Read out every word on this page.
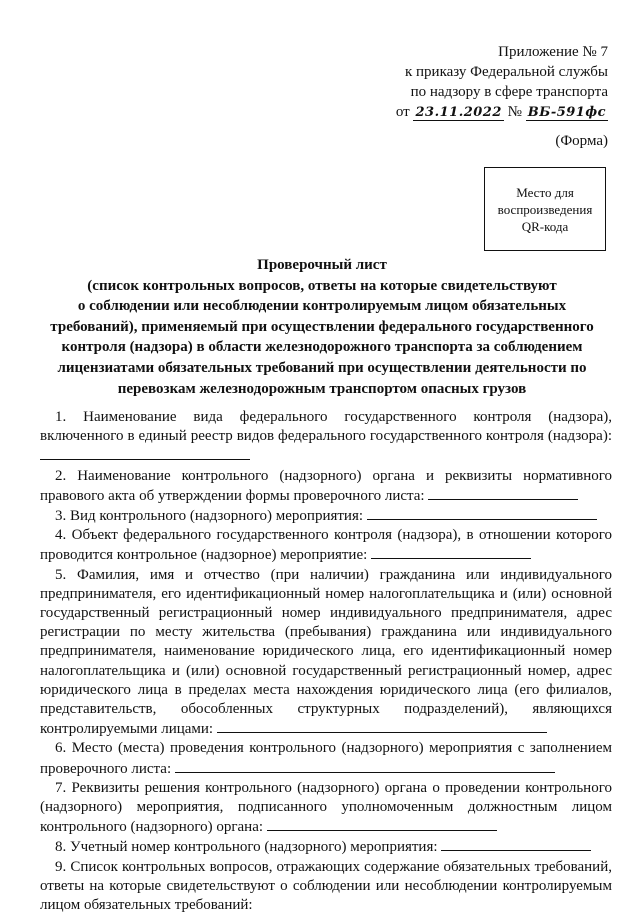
Приложение № 7
к приказу Федеральной службы
по надзору в сфере транспорта
от 23.11.2022 № ВБ-591фс
(Форма)
Место для
воспроизведения
QR-кода
Проверочный лист
(список контрольных вопросов, ответы на которые свидетельствуют
о соблюдении или несоблюдении контролируемым лицом обязательных
требований), применяемый при осуществлении федерального государственного
контроля (надзора) в области железнодорожного транспорта за соблюдением
лицензиатами обязательных требований при осуществлении деятельности по
перевозкам железнодорожным транспортом опасных грузов

1. Наименование вида федерального государственного контроля (надзора), включенного в единый реестр видов федерального государственного контроля (надзора):

2. Наименование контрольного (надзорного) органа и реквизиты нормативного правового акта об утверждении формы проверочного листа:

3. Вид контрольного (надзорного) мероприятия:

4. Объект федерального государственного контроля (надзора), в отношении которого проводится контрольное (надзорное) мероприятие:

5. Фамилия, имя и отчество (при наличии) гражданина или индивидуального предпринимателя, его идентификационный номер налогоплательщика и (или) основной государственный регистрационный номер индивидуального предпринимателя, адрес регистрации по месту жительства (пребывания) гражданина или индивидуального предпринимателя, наименование юридического лица, его идентификационный номер налогоплательщика и (или) основной государственный регистрационный номер, адрес юридического лица в пределах места нахождения юридического лица (его филиалов, представительств, обособленных структурных подразделений), являющихся контролируемыми лицами:

6. Место (места) проведения контрольного (надзорного) мероприятия с заполнением проверочного листа:

7. Реквизиты решения контрольного (надзорного) органа о проведении контрольного (надзорного) мероприятия, подписанного уполномоченным должностным лицом контрольного (надзорного) органа:

8. Учетный номер контрольного (надзорного) мероприятия:

9. Список контрольных вопросов, отражающих содержание обязательных требований, ответы на которые свидетельствуют о соблюдении или несоблюдении контролируемым лицом обязательных требований:
